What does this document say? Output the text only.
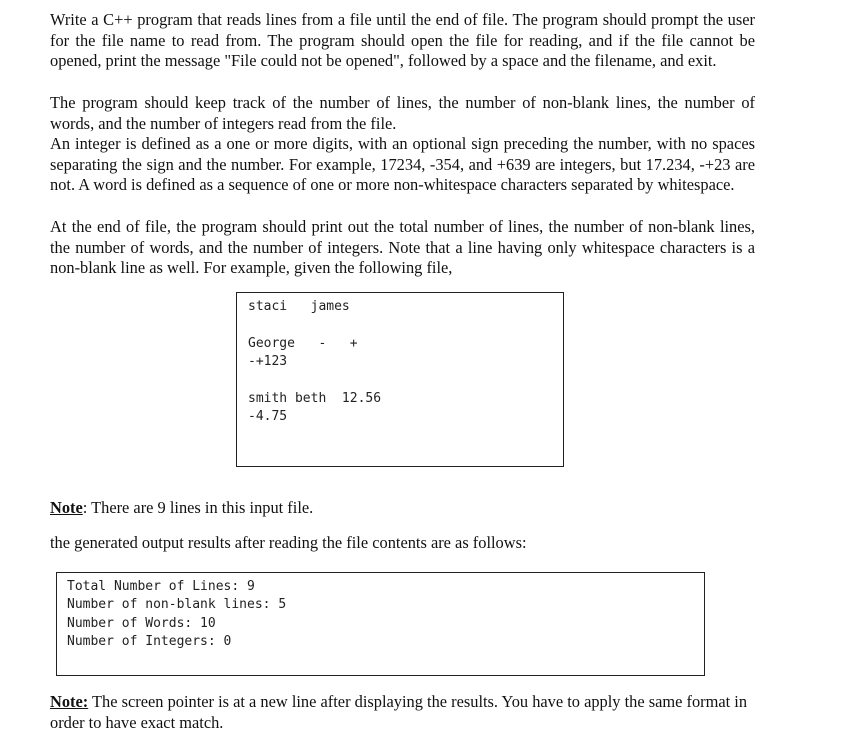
Write a C++ program that reads lines from a file until the end of file. The program should prompt the user for the file name to read from. The program should open the file for reading, and if the file cannot be opened, print the message "File could not be opened", followed by a space and the filename, and exit.

The program should keep track of the number of lines, the number of non-blank lines, the number of words, and the number of integers read from the file.

An integer is defined as a one or more digits, with an optional sign preceding the number, with no spaces separating the sign and the number. For example, 17234, -354, and +639 are integers, but 17.234, -+23 are not. A word is defined as a sequence of one or more non-whitespace characters separated by whitespace.

At the end of file, the program should print out the total number of lines, the number of non-blank lines, the number of words, and the number of integers. Note that a line having only whitespace characters is a non-blank line as well. For example, given the following file,

staci   james
George   -   +
-+123
smith beth  12.56
-4.75

Note: There are 9 lines in this input file.

the generated output results after reading the file contents are as follows:

Total Number of Lines: 9
Number of non-blank lines: 5
Number of Words: 10
Number of Integers: 0

Note: The screen pointer is at a new line after displaying the results. You have to apply the same format in order to have exact match.
